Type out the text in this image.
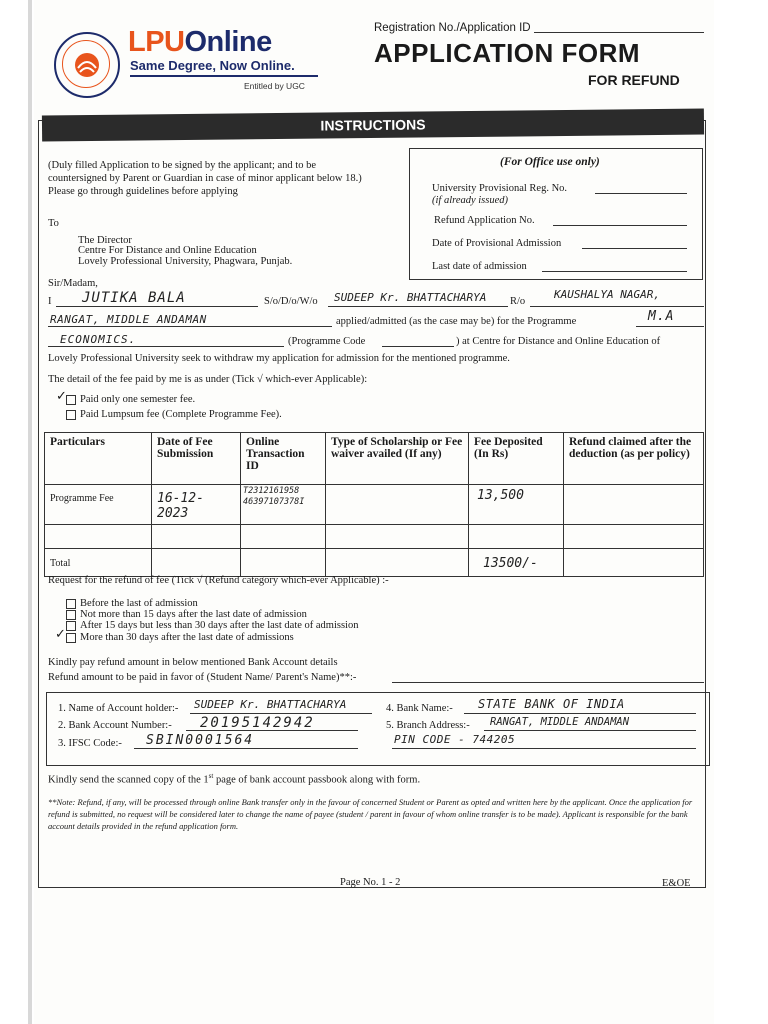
LPUOnline
Same Degree, Now Online.
Entitled by UGC
Registration No./Application ID
APPLICATION FORM
FOR REFUND
INSTRUCTIONS
(Duly filled Application to be signed by the applicant; and to be
countersigned by Parent or Guardian in case of minor applicant below 18.)
Please go through guidelines before applying
(For Office use only)
University Provisional Reg. No.
(if already issued)
Refund Application No.
Date of Provisional Admission
Last date of admission
To
The Director
Centre For Distance and Online Education
Lovely Professional University, Phagwara, Punjab.
Sir/Madam,
I JUTIKA BALA	S/o/D/o/W/o SUDEEP Kr. BHATTACHARYA R/o
KAUSHALYA NAGAR,
RANGAT, MIDDLE ANDAMAN	applied/admitted (as the case may be) for the Programme	M.A
ECONOMICS.	(Programme Code	) at Centre for Distance and Online Education of
Lovely Professional University seek to withdraw my application for admission for the mentioned programme.
The detail of the fee paid by me is as under (Tick √ which-ever Applicable):
Paid only one semester fee.
✓
Paid Lumpsum fee (Complete Programme Fee).
Particulars	Date of Fee Submission	Online Transaction ID	Type of Scholarship or Fee waiver availed (If any)	Fee Deposited (In Rs)	Refund claimed after the deduction (as per policy)
Programme Fee	16-12-2023	T2312161958
46397107378I		13,500	

Total				13500/-	
Request for the refund of fee (Tick √ (Refund category which-ever Applicable) :-
Before the last of admission
Not more than 15 days after the last date of admission
After 15 days but less than 30 days after the last date of admission
More than 30 days after the last date of admissions
✓
Kindly pay refund amount in below mentioned Bank Account details
Refund amount to be paid in favor of (Student Name/ Parent's Name)**:-
1. Name of Account holder:- SUDEEP Kr. BHATTACHARYA
2. Bank Account Number:- 20195142942
3. IFSC Code:- SBIN0001564
4. Bank Name:- STATE BANK OF INDIA
5. Branch Address:- RANGAT, MIDDLE ANDAMAN
PIN CODE - 744205
Kindly send the scanned copy of the 1st page of bank account passbook along with form.
**Note: Refund, if any, will be processed through online Bank transfer only in the favour of concerned Student or Parent as opted and written here by the applicant. Once the application for refund is submitted, no request will be considered later to change the name of payee (student / parent in favour of whom online transfer is to be made). Applicant is responsible for the bank account details provided in the refund application form.
Page No. 1 - 2	E&OE
